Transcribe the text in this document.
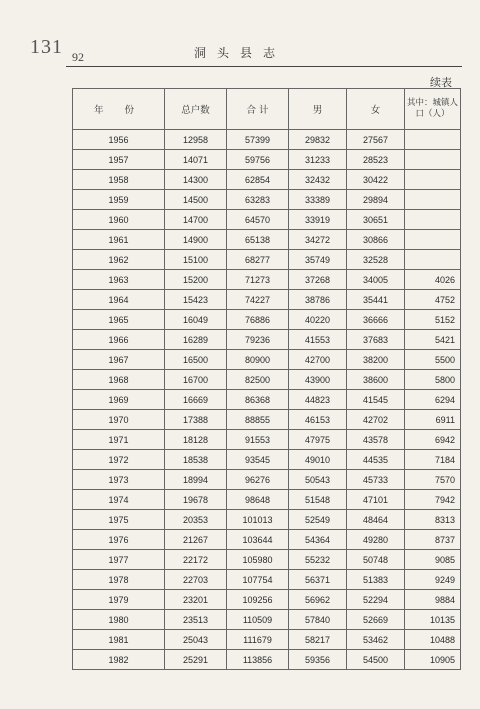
131 92	洞头县志
续表
年 份	总户数	合 计	男	女	其中：城镇人口（人）
1956	12958	57399	29832	27567	
1957	14071	59756	31233	28523	
1958	14300	62854	32432	30422	
1959	14500	63283	33389	29894	
1960	14700	64570	33919	30651	
1961	14900	65138	34272	30866	
1962	15100	68277	35749	32528	
1963	15200	71273	37268	34005	4026
1964	15423	74227	38786	35441	4752
1965	16049	76886	40220	36666	5152
1966	16289	79236	41553	37683	5421
1967	16500	80900	42700	38200	5500
1968	16700	82500	43900	38600	5800
1969	16669	86368	44823	41545	6294
1970	17388	88855	46153	42702	6911
1971	18128	91553	47975	43578	6942
1972	18538	93545	49010	44535	7184
1973	18994	96276	50543	45733	7570
1974	19678	98648	51548	47101	7942
1975	20353	101013	52549	48464	8313
1976	21267	103644	54364	49280	8737
1977	22172	105980	55232	50748	9085
1978	22703	107754	56371	51383	9249
1979	23201	109256	56962	52294	9884
1980	23513	110509	57840	52669	10135
1981	25043	111679	58217	53462	10488
1982	25291	113856	59356	54500	10905
